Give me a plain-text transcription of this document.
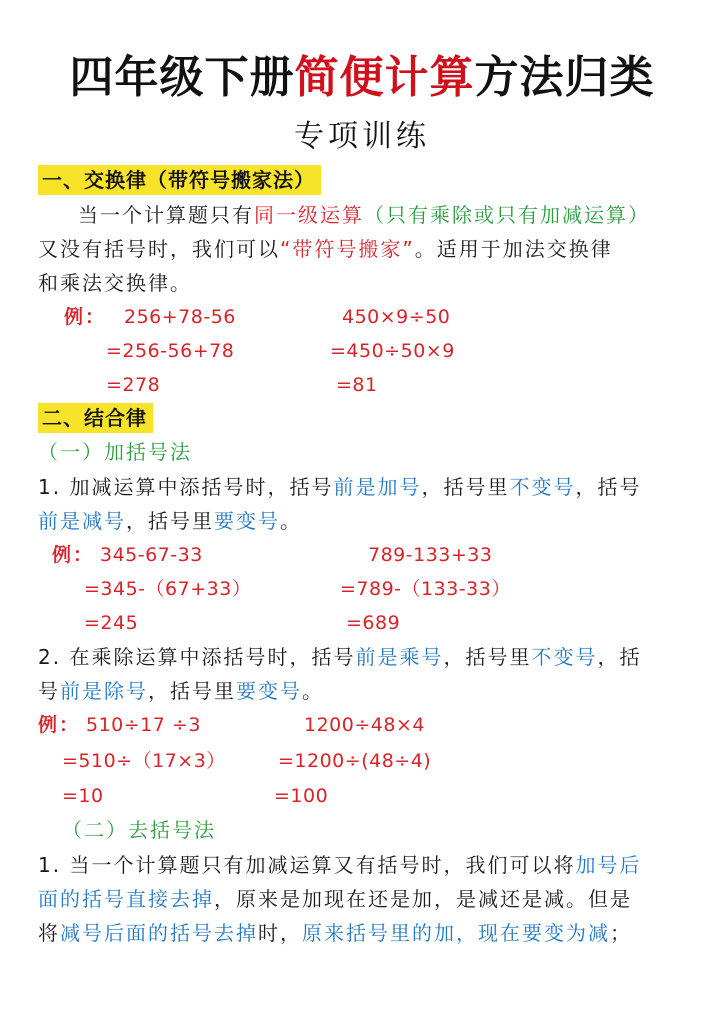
四年级下册简便计算方法归类
专项训练
一、交换律（带符号搬家法）
当一个计算题只有同一级运算（只有乘除或只有加减运算）
又没有括号时，我们可以“带符号搬家”。适用于加法交换律
和乘法交换律。
例： 256+78-56
=256-56+78
=278
450×9÷50
=450÷50×9
=81
二、结合律
（一）加括号法
1. 加减运算中添括号时，括号前是加号，括号里不变号，括号
前是减号，括号里要变号。
例： 345-67-33
=345-（67+33）
=245
789-133+33
=789-（133-33）
=689
2. 在乘除运算中添括号时，括号前是乘号，括号里不变号，括
号前是除号，括号里要变号。
例： 510÷17 ÷3
=510÷（17×3）
=10
1200÷48×4
=1200÷(48÷4)
=100
（二）去括号法
1. 当一个计算题只有加减运算又有括号时，我们可以将加号后
面的括号直接去掉，原来是加现在还是加，是减还是减。但是
将减号后面的括号去掉时，原来括号里的加，现在要变为减；
